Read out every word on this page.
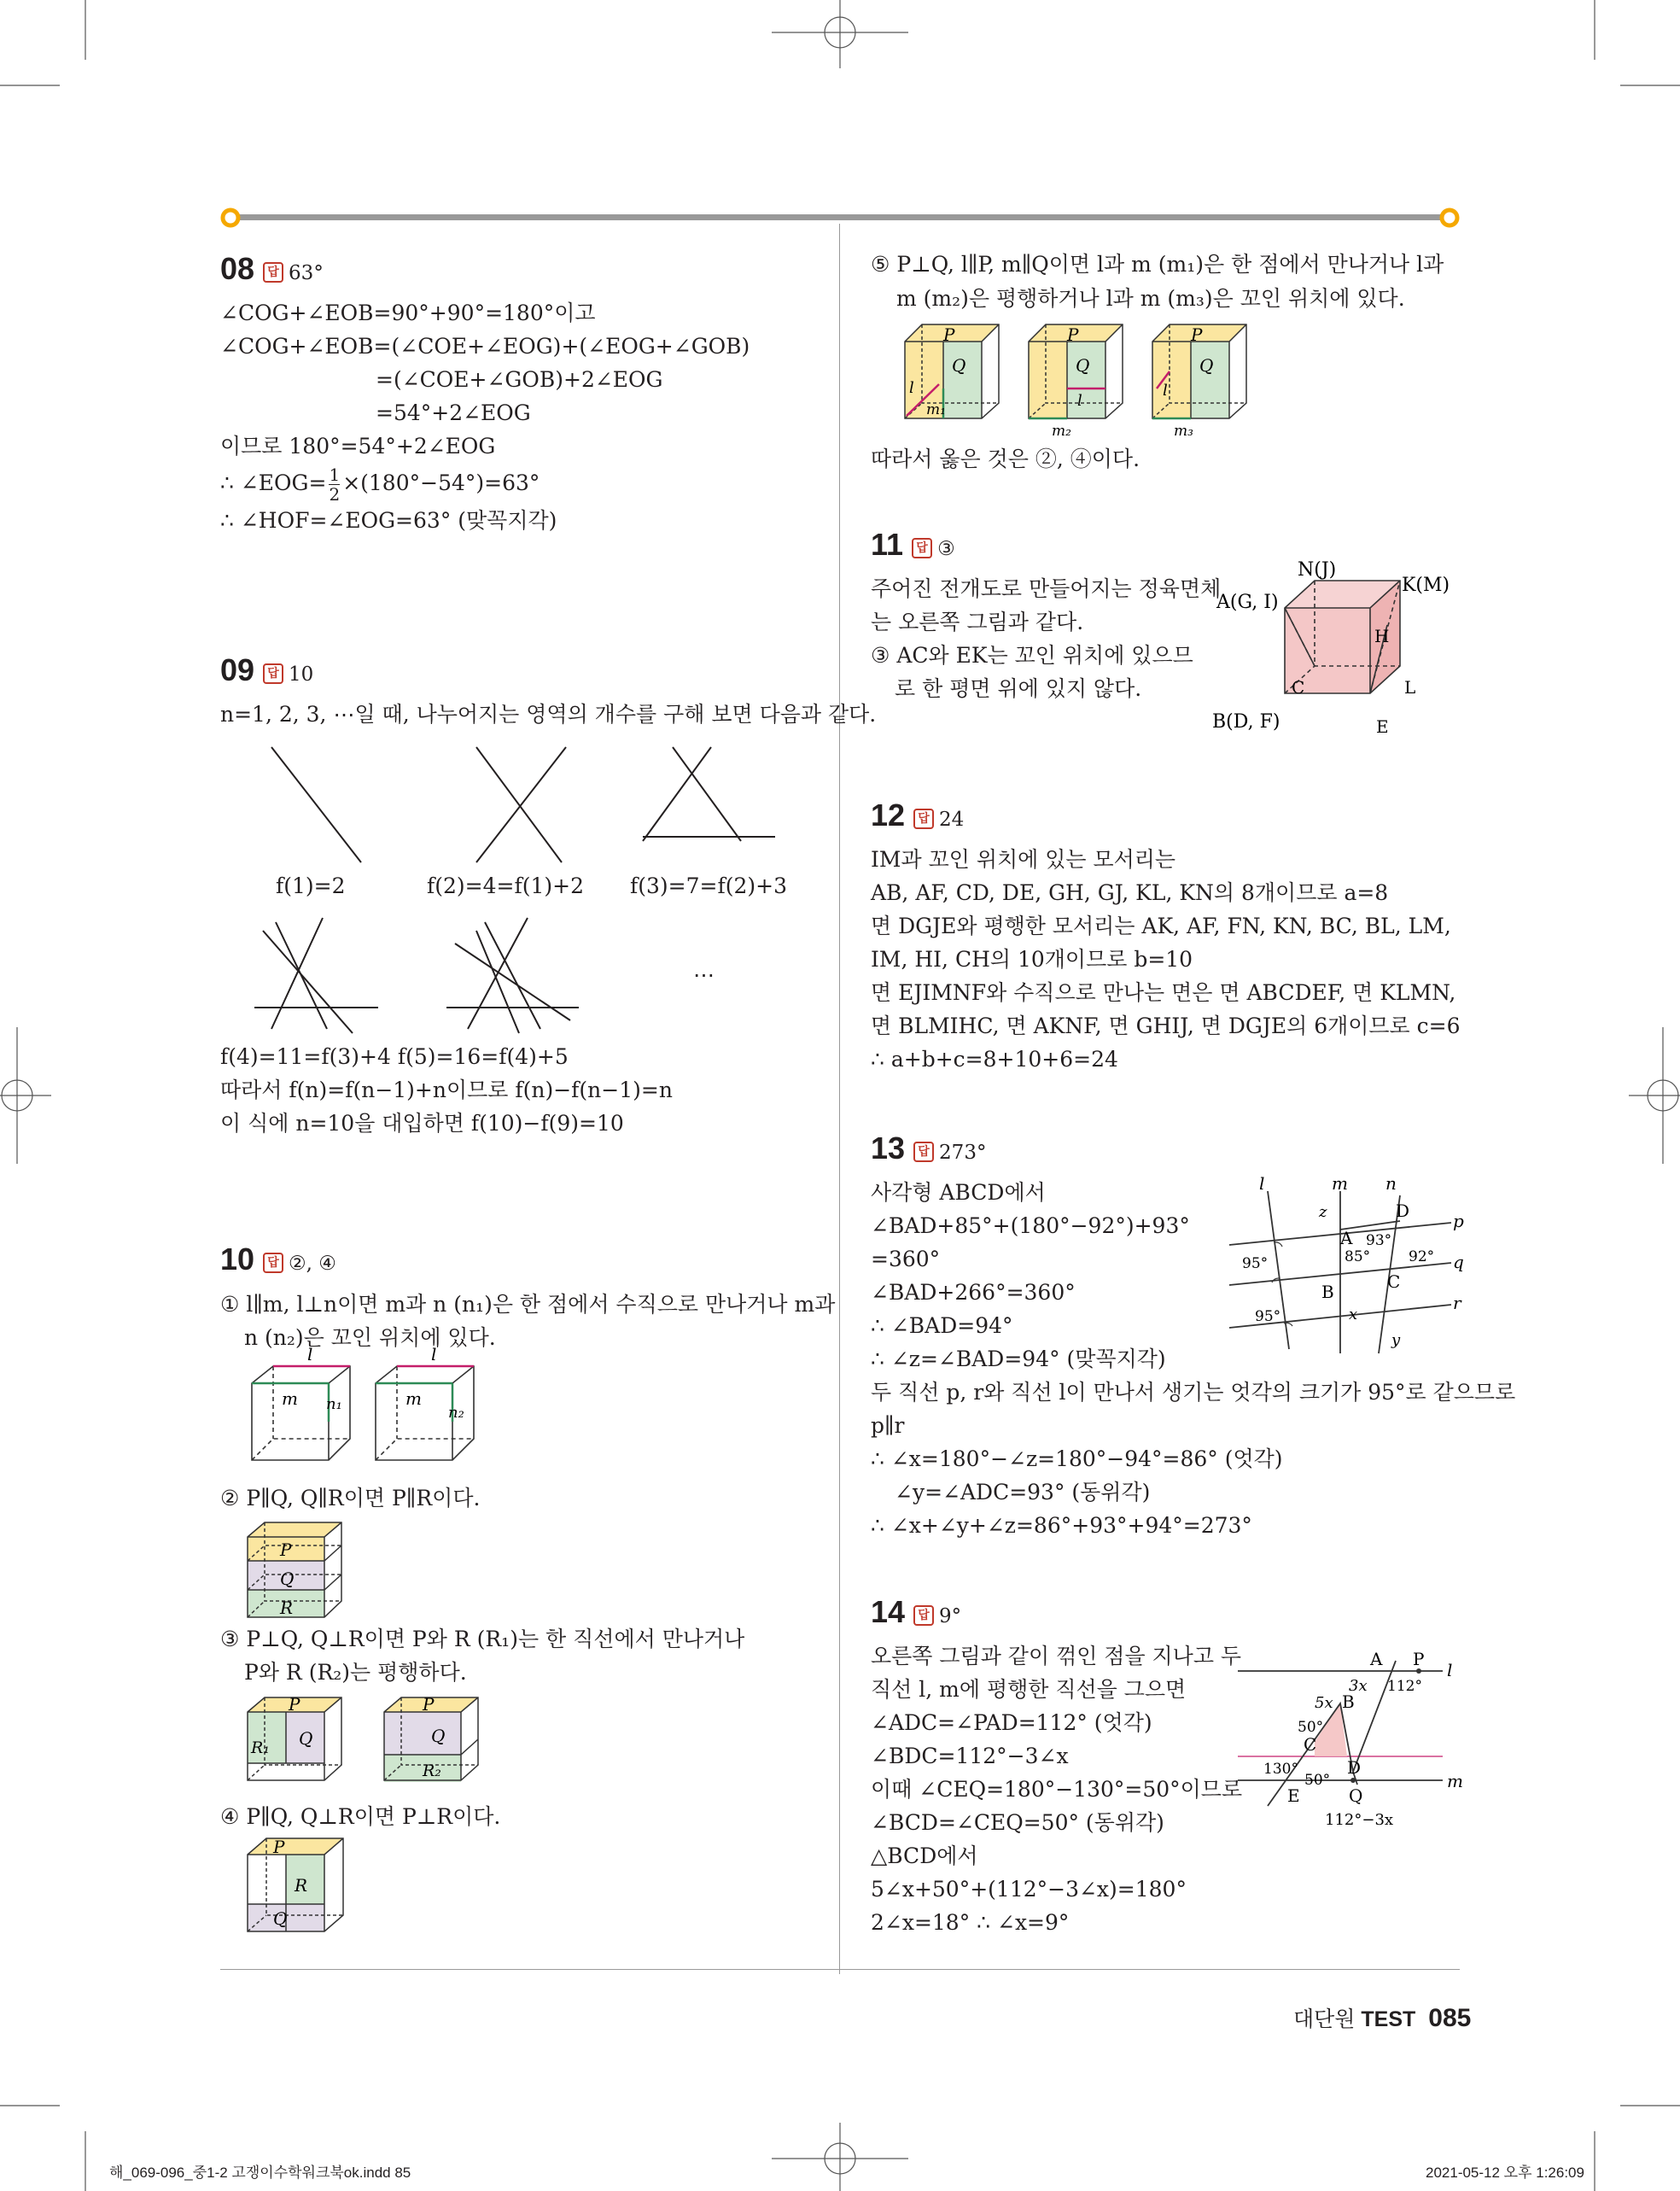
08 답 63°
∠COG+∠EOB=90°+90°=180°이고
∠COG+∠EOB=(∠COE+∠EOG)+(∠EOG+∠GOB)
=(∠COE+∠GOB)+2∠EOG
=54°+2∠EOG
이므로 180°=54°+2∠EOG
∴ ∠EOG= $\frac{1}{2} \times(180^\circ-54^\circ)=63^\circ$
∴ ∠HOF=∠EOG=63° (맞꼭지각)
09 답 10
n=1, 2, 3, ⋯일 때, 나누어지는 영역의 개수를 구해 보면 다음과 같다.
f(1)=2	f(2)=4=f(1)+2 f(3)=7=f(2)+3
⋯
f(4)=11=f(3)+4 f(5)=16=f(4)+5
따라서 f(n)=f(n−1)+n이므로 f(n)−f(n−1)=n
이 식에 n=10을 대입하면 f(10)−f(9)=10
10 답 ②, ④
① l∥m, l⊥n이면 m과 n (n₁)은 한 점에서 수직으로 만나거나 m과
n (n₂)은 꼬인 위치에 있다.
l
m n₁
l
m
n₂
② P∥Q, Q∥R이면 P∥R이다.
P
Q
R
③ P⊥Q, Q⊥R이면 P와 R (R₁)는 한 직선에서 만나거나
P와 R (R₂)는 평행하다.
P
Q
R₁
P
Q
R₂
④ P∥Q, Q⊥R이면 P⊥R이다.
P
R
Q
⑤ P⊥Q, l∥P, m∥Q이면 l과 m (m₁)은 한 점에서 만나거나 l과
m (m₂)은 평행하거나 l과 m (m₃)은 꼬인 위치에 있다.
P
Q
l
m₁
P
Q
l
m₂
P
Q
l
m₃
따라서 옳은 것은 ②, ④이다.
11 답 ③
주어진 전개도로 만들어지는 정육면체
는 오른쪽 그림과 같다.
③ AC와 EK는 꼬인 위치에 있으므
로 한 평면 위에 있지 않다.
N(J)
K(M)
A(G, I)
H
C	L
B(D, F)	E
12 답 24
IM과 꼬인 위치에 있는 모서리는
AB, AF, CD, DE, GH, GJ, KL, KN의 8개이므로 a=8
면 DGJE와 평행한 모서리는 AK, AF, FN, KN, BC, BL, LM,
IM, HI, CH의 10개이므로 b=10
면 EJIMNF와 수직으로 만나는 면은 면 ABCDEF, 면 KLMN,
면 BLMIHC, 면 AKNF, 면 GHIJ, 면 DGJE의 6개이므로 c=6
∴ a+b+c=8+10+6=24
13 답 273°
사각형 ABCD에서
∠BAD+85°+(180°−92°)+93°
=360°
∠BAD+266°=360°
∴ ∠BAD=94°
∴ ∠z=∠BAD=94° (맞꼭지각)
두 직선 p, r와 직선 l이 만나서 생기는 엇각의 크기가 95°로 같으므로
p∥r
∴ ∠x=180°−∠z=180°−94°=86° (엇각)
∠y=∠ADC=93° (동위각)
∴ ∠x+∠y+∠z=86°+93°+94°=273°
l	m n
p
q
r
D
z
A 93°
85°	92°
95°
B	C
x
95°
y
14 답 9°
오른쪽 그림과 같이 꺾인 점을 지나고 두
직선 l, m에 평행한 직선을 그으면
∠ADC=∠PAD=112° (엇각)
∠BDC=112°−3∠x
이때 ∠CEQ=180°−130°=50°이므로
∠BCD=∠CEQ=50° (동위각)
△BCD에서
5∠x+50°+(112°−3∠x)=180°
2∠x=18° ∴ ∠x=9°
A P
l
3x 112°
B
5x
50°
C
130°
50°
D
E	Q
m
112°−3x
대단원 TEST 085
해_069-096_중1-2 고쟁이수학워크북ok.indd 85	2021-05-12 오후 1:26:09
